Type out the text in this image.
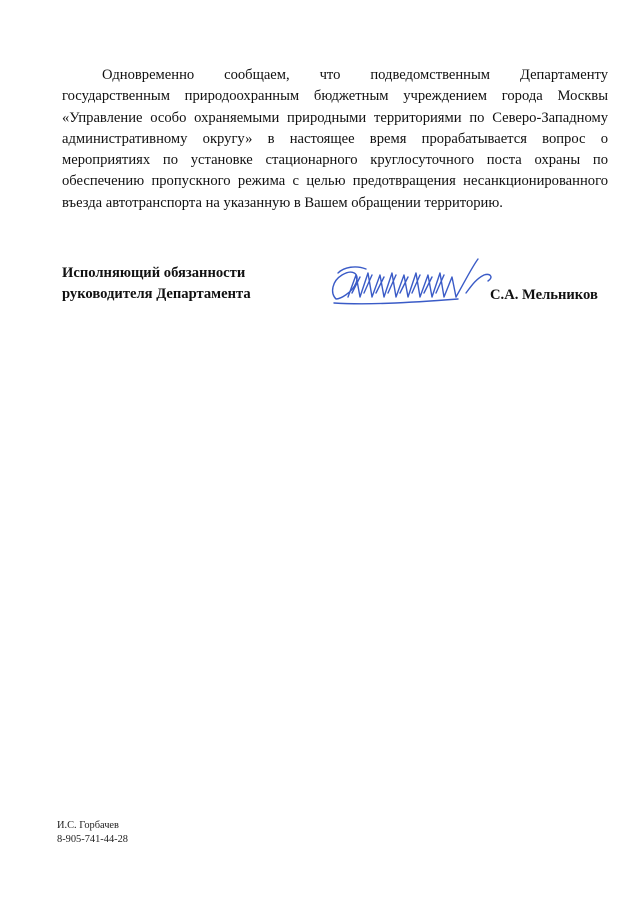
Одновременно сообщаем, что подведомственным Департаменту государственным природоохранным бюджетным учреждением города Москвы «Управление особо охраняемыми природными территориями по Северо-Западному административному округу» в настоящее время прорабатывается вопрос о мероприятиях по установке стационарного круглосуточного поста охраны по обеспечению пропускного режима с целью предотвращения несанкционированного въезда автотранспорта на указанную в Вашем обращении территорию.

Исполняющий обязанности
руководителя Департамента	С.А. Мельников
И.С. Горбачев
8-905-741-44-28
